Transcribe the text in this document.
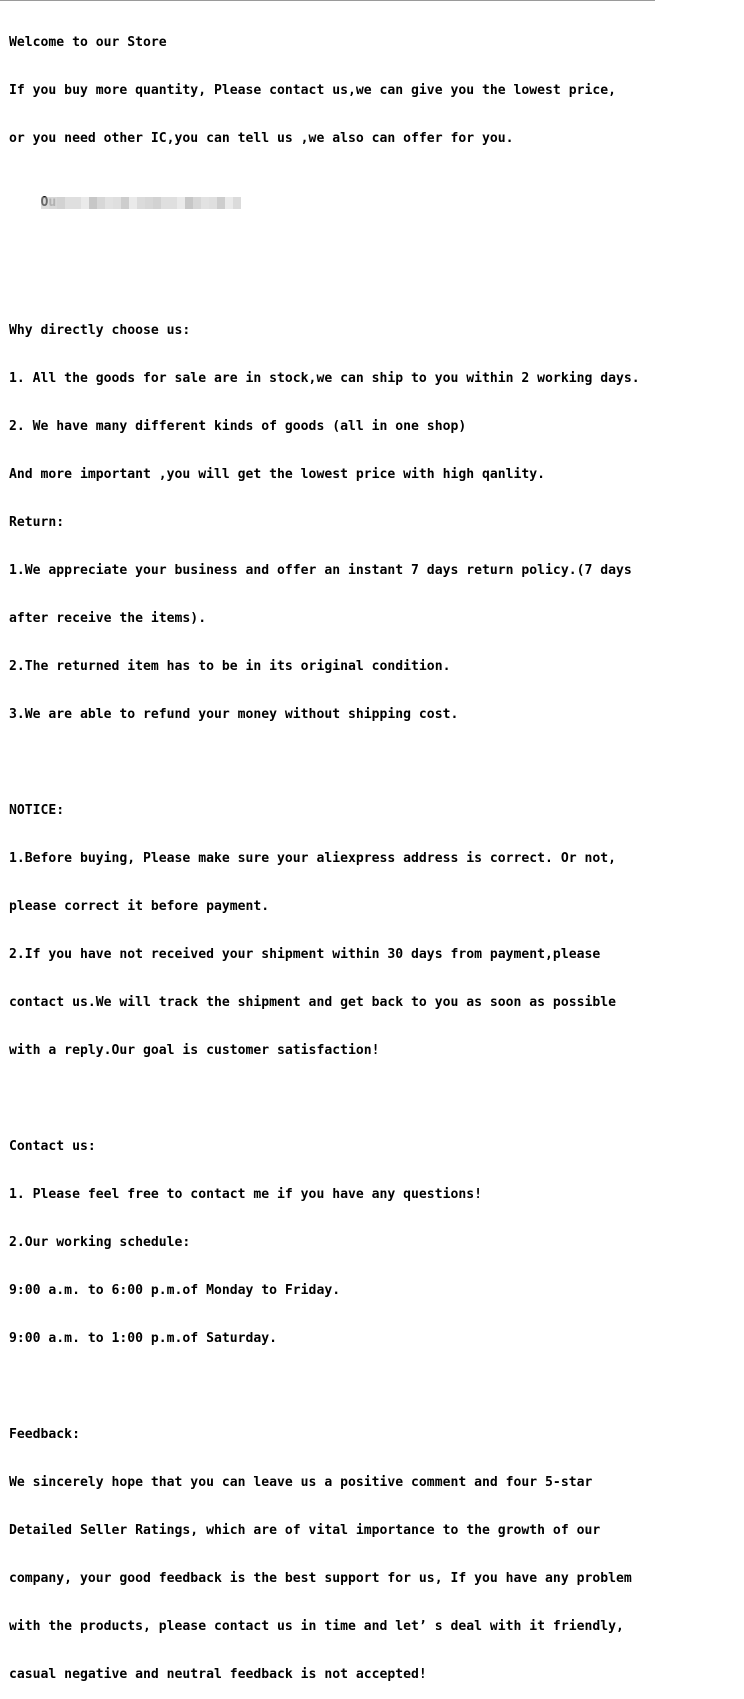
Welcome to our Store

If you buy more quantity, Please contact us,we can give you the lowest price,

or you need other IC,you can tell us ,we also can offer for you.

Why directly choose us:

1. All the goods for sale are in stock,we can ship to you within 2 working days.

2. We have many different kinds of goods (all in one shop)

And more important ,you will get the lowest price with high qanlity.

Return:

1.We appreciate your business and offer an instant 7 days return policy.(7 days

after receive the items).

2.The returned item has to be in its original condition.

3.We are able to refund your money without shipping cost.

NOTICE:

1.Before buying, Please make sure your aliexpress address is correct. Or not,

please correct it before payment.

2.If you have not received your shipment within 30 days from payment,please

contact us.We will track the shipment and get back to you as soon as possible

with a reply.Our goal is customer satisfaction!

Contact us:

1. Please feel free to contact me if you have any questions!

2.Our working schedule:

9:00 a.m. to 6:00 p.m.of Monday to Friday.

9:00 a.m. to 1:00 p.m.of Saturday.

Feedback:

We sincerely hope that you can leave us a positive comment and four 5-star

Detailed Seller Ratings, which are of vital importance to the growth of our

company, your good feedback is the best support for us, If you have any problem

with the products, please contact us in time and let’ s deal with it friendly,

casual negative and neutral feedback is not accepted!
